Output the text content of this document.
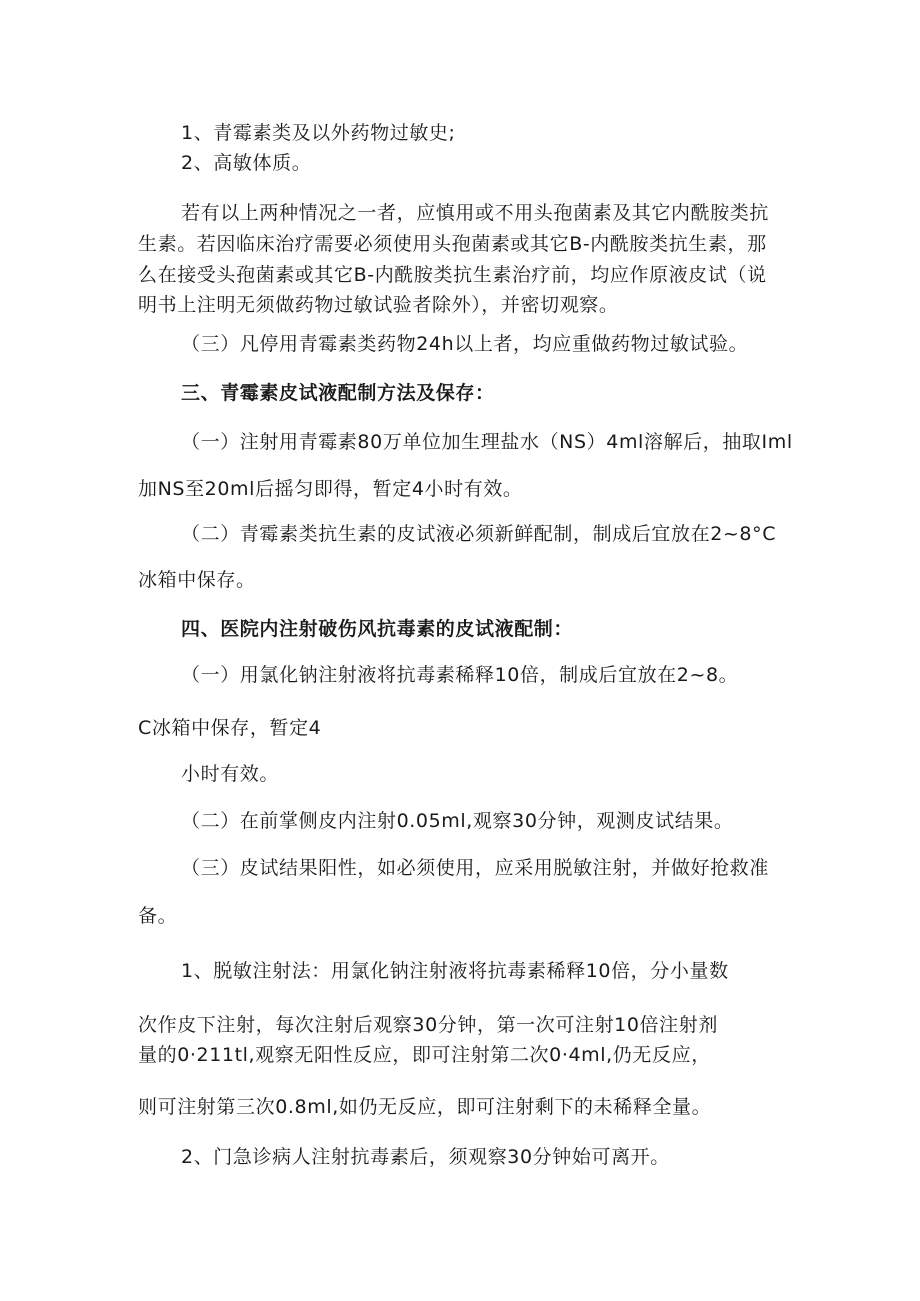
1、青霉素类及以外药物过敏史;
2、高敏体质。
若有以上两种情况之一者，应慎用或不用头孢菌素及其它内酰胺类抗
生素。若因临床治疗需要必须使用头孢菌素或其它B-内酰胺类抗生素，那
么在接受头孢菌素或其它B-内酰胺类抗生素治疗前，均应作原液皮试（说
明书上注明无须做药物过敏试验者除外），并密切观察。
（三）凡停用青霉素类药物24h以上者，均应重做药物过敏试验。
三、青霉素皮试液配制方法及保存：
（一）注射用青霉素80万单位加生理盐水（NS）4ml溶解后，抽取Iml
加NS至20ml后摇匀即得，暂定4小时有效。
（二）青霉素类抗生素的皮试液必须新鲜配制，制成后宜放在2~8°C
冰箱中保存。
四、医院内注射破伤风抗毒素的皮试液配制：
（一）用氯化钠注射液将抗毒素稀释10倍，制成后宜放在2~8。
C冰箱中保存，暂定4
小时有效。
（二）在前掌侧皮内注射0.05ml,观察30分钟，观测皮试结果。
（三）皮试结果阳性，如必须使用，应采用脱敏注射，并做好抢救准
备。
1、脱敏注射法：用氯化钠注射液将抗毒素稀释10倍，分小量数
次作皮下注射，每次注射后观察30分钟，第一次可注射10倍注射剂
量的0·211tl,观察无阳性反应，即可注射第二次0·4ml,仍无反应，
则可注射第三次0.8ml,如仍无反应，即可注射剩下的未稀释全量。
2、门急诊病人注射抗毒素后，须观察30分钟始可离开。
